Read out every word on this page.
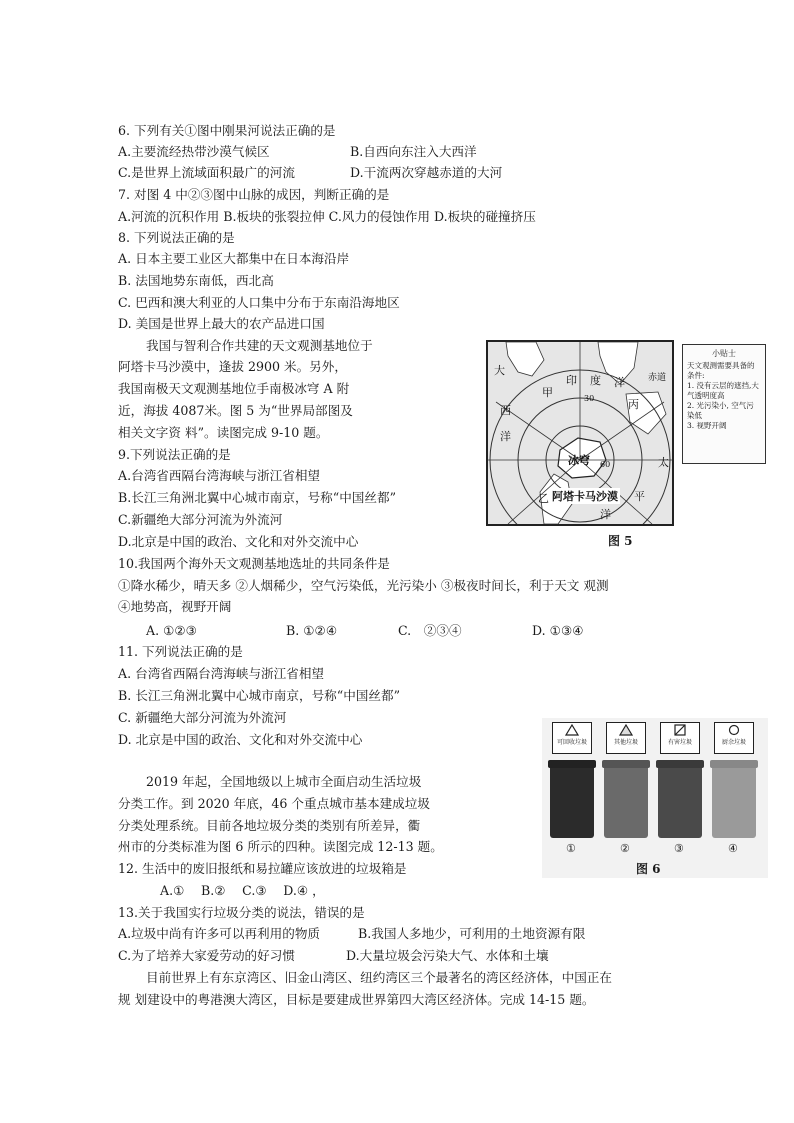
6. 下列有关①图中刚果河说法正确的是
A.主要流经热带沙漠气候区	B.自西向东注入大西洋
C.是世界上流域面积最广的河流	D.干流两次穿越赤道的大河
7. 对图 4 中②③图中山脉的成因，判断正确的是
A.河流的沉积作用 B.板块的张裂拉伸 C.风力的侵蚀作用 D.板块的碰撞挤压
8. 下列说法正确的是
A. 日本主要工业区大都集中在日本海沿岸
B. 法国地势东南低，西北高
C. 巴西和澳大利亚的人口集中分布于东南沿海地区
D. 美国是世界上最大的农产品进口国
我国与智利合作共建的天文观测基地位于
阿塔卡马沙漠中，逢拔 2900 米。另外，
我国南极天文观测基地位手南极冰穹 A 附
近，海拔 4087米。图 5 为“世界局部图及
相关文字资 料”。读图完成 9-10 题。
9.下列说法正确的是
A.台湾省西隔台湾海峡与浙江省相望
B.长江三角洲北翼中心城市南京，号称“中国丝都”
C.新疆绝大部分河流为外流河
D.北京是中国的政治、文化和对外交流中心
10.我国两个海外天文观测基地选址的共同条件是
①降水稀少，晴天多 ②人烟稀少，空气污染低，光污染小 ③极夜时间长，利于天文 观测
④地势高，视野开阔
A. ①②③	B. ①②④	C.　②③④	D. ①③④
11. 下列说法正确的是
A. 台湾省西隔台湾海峡与浙江省相望
B. 长江三角洲北翼中心城市南京，号称“中国丝都”
C. 新疆绝大部分河流为外流河
D. 北京是中国的政治、文化和对外交流中心
2019 年起，全国地级以上城市全面启动生活垃圾
分类工作。到 2020 年底，46 个重点城市基本建成垃圾
分类处理系统。目前各地垃圾分类的类别有所差异，衢
州市的分类标准为图 6 所示的四种。读图完成 12-13 题。
12. 生活中的废旧报纸和易拉罐应该放进的垃圾箱是
A.①　 B.②　 C.③　 D.④ ，
13.关于我国实行垃圾分类的说法，错误的是
A.垃圾中尚有许多可以再利用的物质	B.我国人多地少，可利用的土地资源有限
C.为了培养大家爱劳动的好习惯	D.大量垃圾会污染大气、水体和土壤
目前世界上有东京湾区、旧金山湾区、纽约湾区三个最著名的湾区经济体，中国正在
规 划建设中的粤港澳大湾区，目标是要建成世界第四大湾区经济体。完成 14-15 题。
大
西
洋
甲
印 度 洋	赤道
丙
30
60
冰穹
乙 阿塔卡马沙漠 平
洋
太
小贴士
天文观测需要具备的条件:
1. 没有云层的遮挡,大气透明度高
2. 光污染小, 空气污染低
3. 视野开阔
图 5
可回收垃圾	其他垃圾	有害垃圾	厨余垃圾
①	②	③	④
图 6
